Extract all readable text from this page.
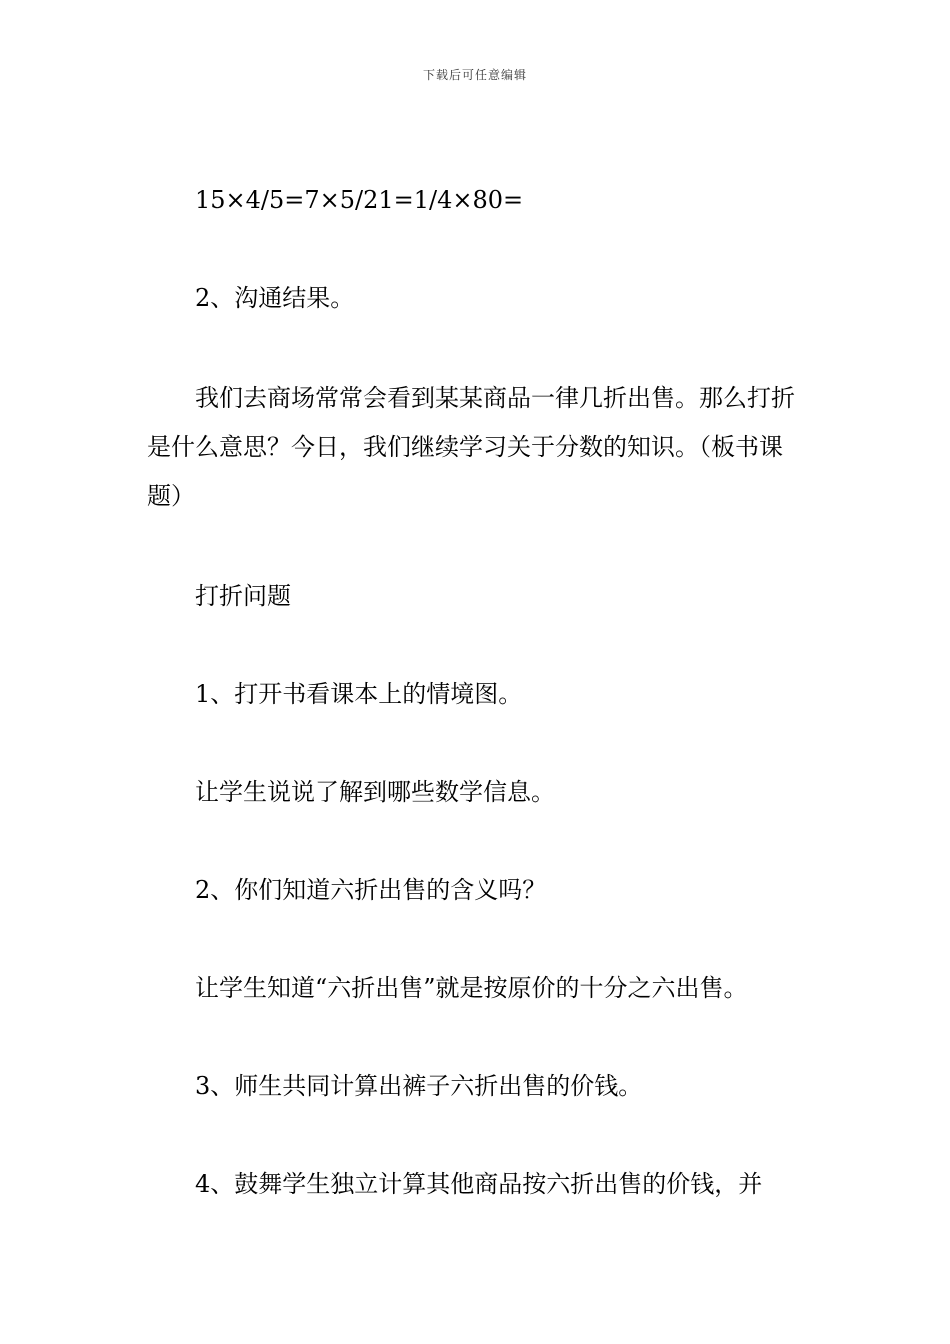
下载后可任意编辑

15×4/5=7×5/21=1/4×80=

2、沟通结果。

我们去商场常常会看到某某商品一律几折出售。那么打折是什么意思？今日，我们继续学习关于分数的知识。（板书课题）

打折问题

1、打开书看课本上的情境图。

让学生说说了解到哪些数学信息。

2、你们知道六折出售的含义吗？

让学生知道“六折出售”就是按原价的十分之六出售。

3、师生共同计算出裤子六折出售的价钱。

4、鼓舞学生独立计算其他商品按六折出售的价钱，并
